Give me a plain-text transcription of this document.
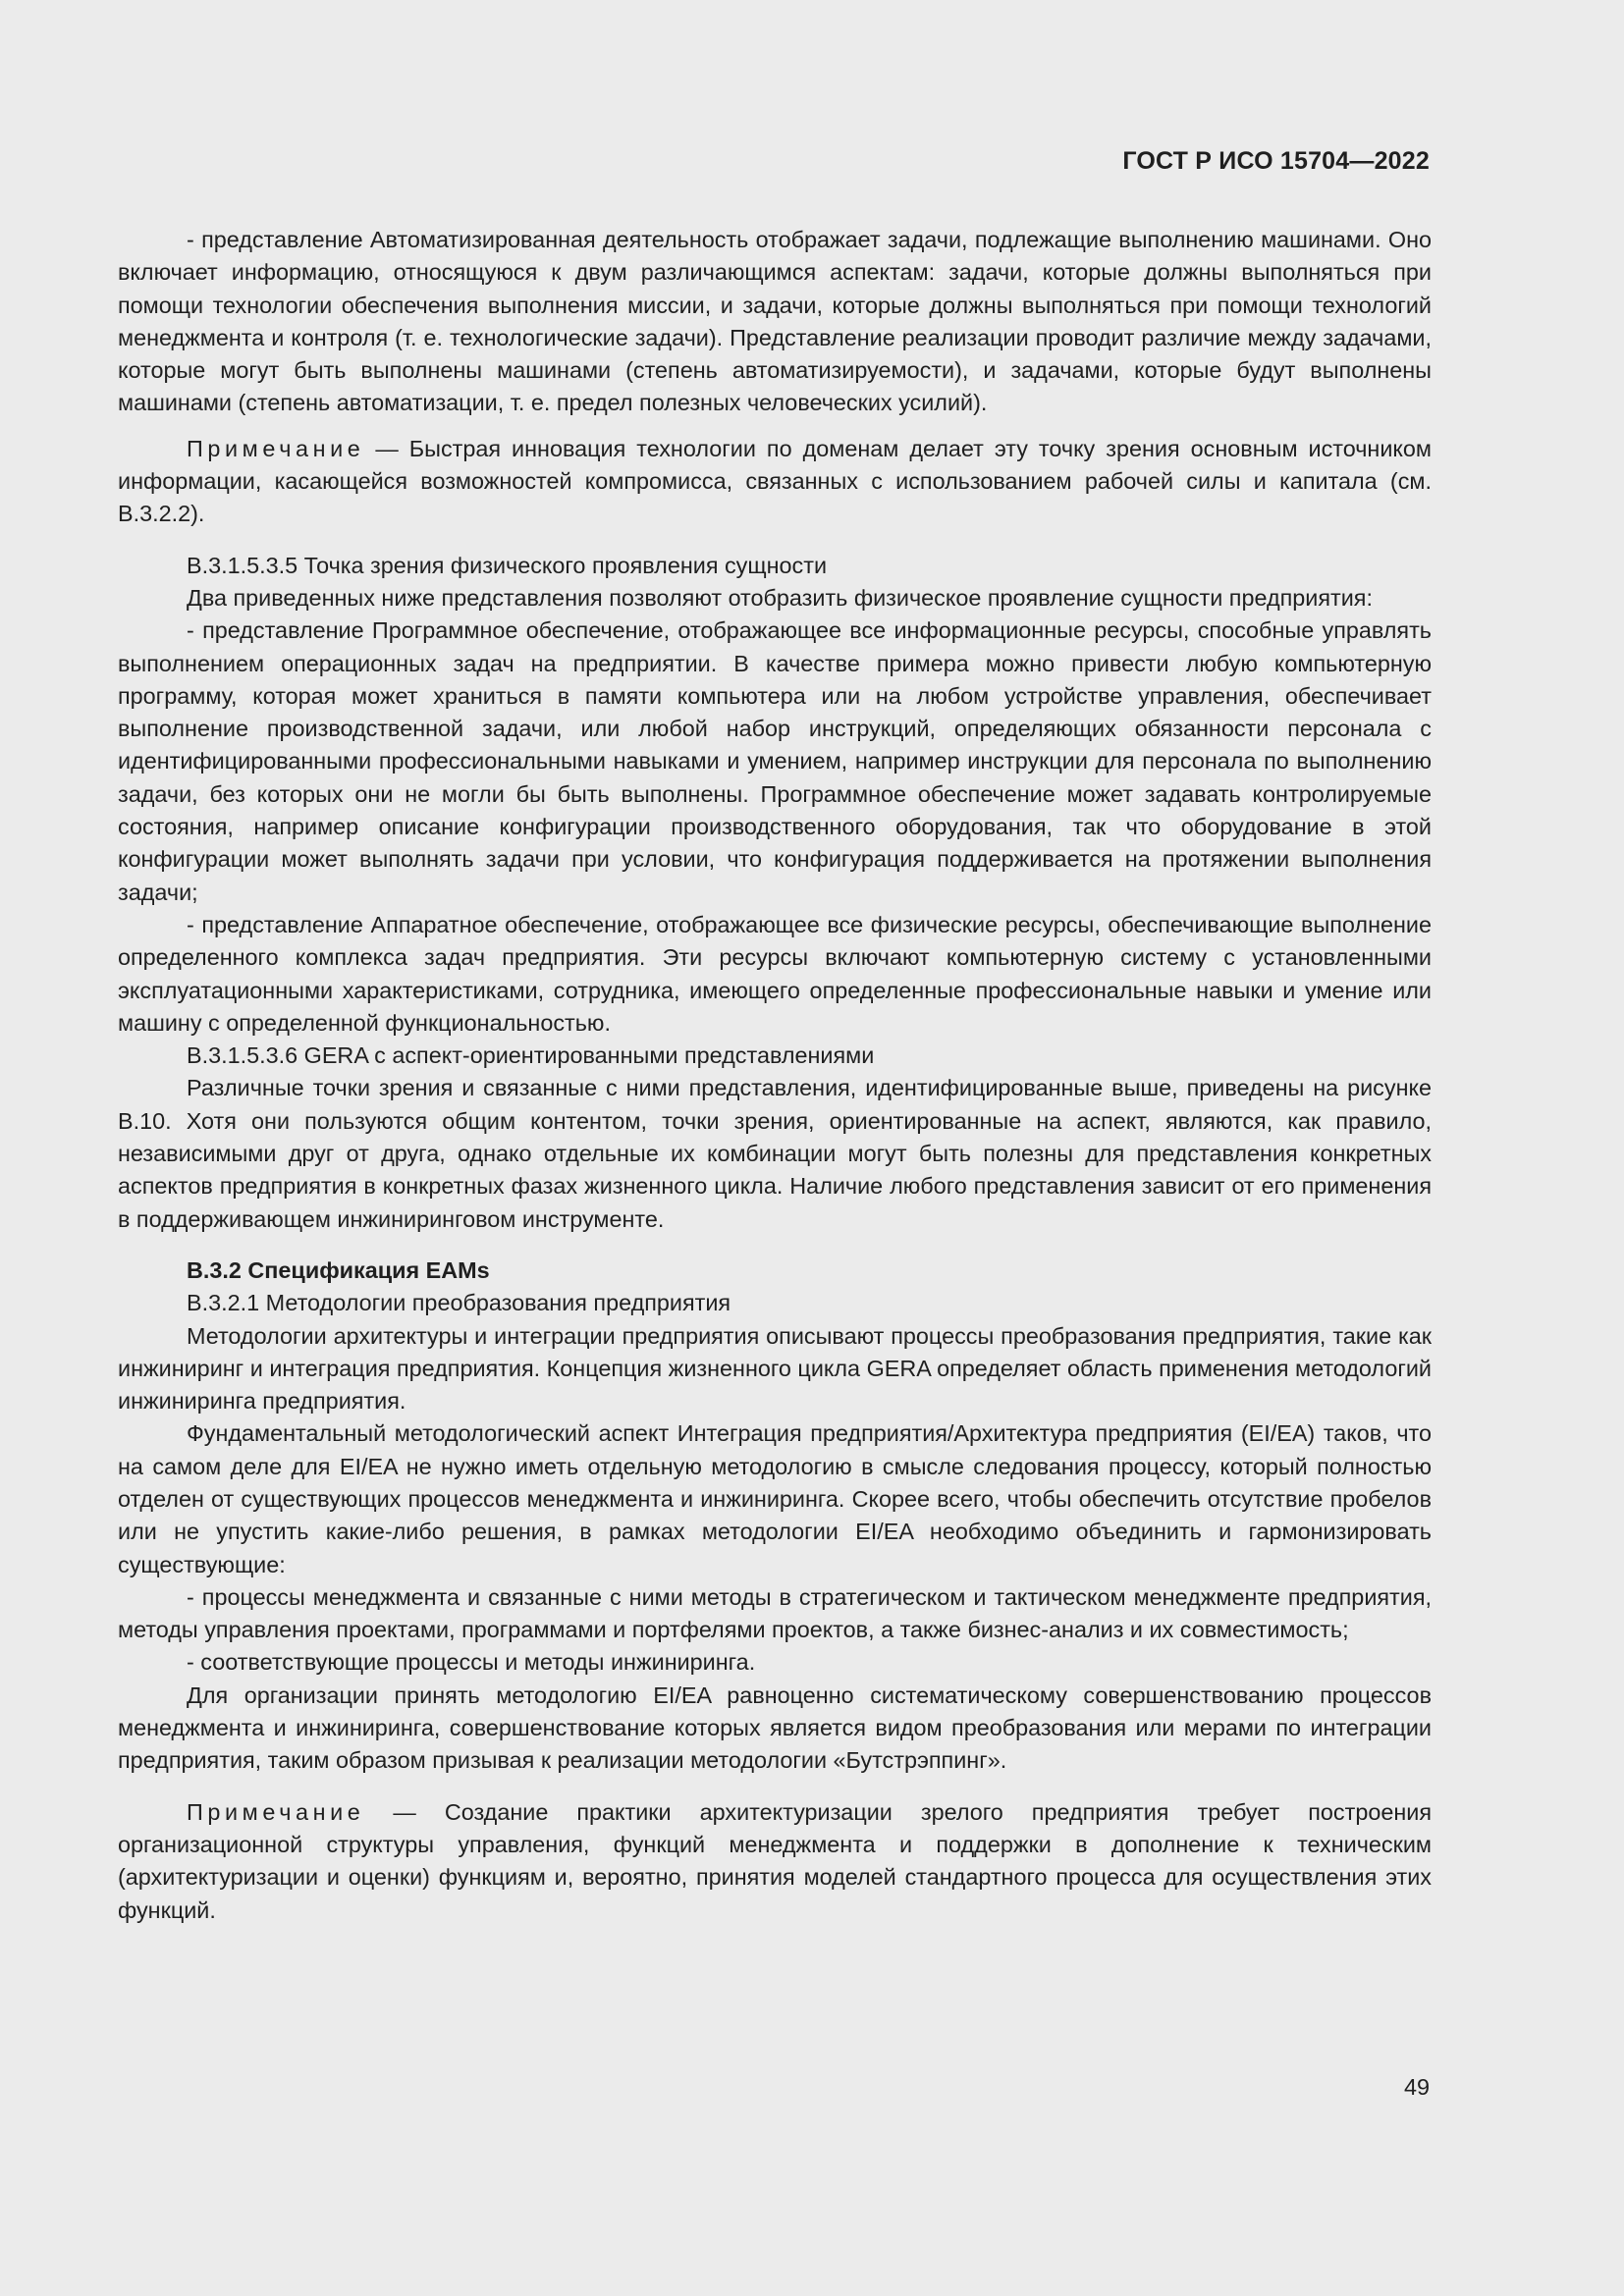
ГОСТ Р ИСО 15704—2022

- представление Автоматизированная деятельность отображает задачи, подлежащие выполнению машинами. Оно включает информацию, относящуюся к двум различающимся аспектам: задачи, которые должны выполняться при помощи технологии обеспечения выполнения миссии, и задачи, которые должны выполняться при помощи технологий менеджмента и контроля (т. е. технологические задачи). Представление реализации проводит различие между задачами, которые могут быть выполнены машинами (степень автоматизируемости), и задачами, которые будут выполнены машинами (степень автоматизации, т. е. предел полезных человеческих усилий).

Примечание — Быстрая инновация технологии по доменам делает эту точку зрения основным источником информации, касающейся возможностей компромисса, связанных с использованием рабочей силы и капитала (см. В.3.2.2).

В.3.1.5.3.5 Точка зрения физического проявления сущности

Два приведенных ниже представления позволяют отобразить физическое проявление сущности предприятия:

- представление Программное обеспечение, отображающее все информационные ресурсы, способные управлять выполнением операционных задач на предприятии. В качестве примера можно привести любую компьютерную программу, которая может храниться в памяти компьютера или на любом устройстве управления, обеспечивает выполнение производственной задачи, или любой набор инструкций, определяющих обязанности персонала с идентифицированными профессиональными навыками и умением, например инструкции для персонала по выполнению задачи, без которых они не могли бы быть выполнены. Программное обеспечение может задавать контролируемые состояния, например описание конфигурации производственного оборудования, так что оборудование в этой конфигурации может выполнять задачи при условии, что конфигурация поддерживается на протяжении выполнения задачи;

- представление Аппаратное обеспечение, отображающее все физические ресурсы, обеспечивающие выполнение определенного комплекса задач предприятия. Эти ресурсы включают компьютерную систему с установленными эксплуатационными характеристиками, сотрудника, имеющего определенные профессиональные навыки и умение или машину с определенной функциональностью.

В.3.1.5.3.6 GERA с аспект-ориентированными представлениями

Различные точки зрения и связанные с ними представления, идентифицированные выше, приведены на рисунке В.10. Хотя они пользуются общим контентом, точки зрения, ориентированные на аспект, являются, как правило, независимыми друг от друга, однако отдельные их комбинации могут быть полезны для представления конкретных аспектов предприятия в конкретных фазах жизненного цикла. Наличие любого представления зависит от его применения в поддерживающем инжиниринговом инструменте.

В.3.2 Спецификация EAMs

В.3.2.1 Методологии преобразования предприятия

Методологии архитектуры и интеграции предприятия описывают процессы преобразования предприятия, такие как инжиниринг и интеграция предприятия. Концепция жизненного цикла GERA определяет область применения методологий инжиниринга предприятия.

Фундаментальный методологический аспект Интеграция предприятия/Архитектура предприятия (EI/EA) таков, что на самом деле для EI/EA не нужно иметь отдельную методологию в смысле следования процессу, который полностью отделен от существующих процессов менеджмента и инжиниринга. Скорее всего, чтобы обеспечить отсутствие пробелов или не упустить какие-либо решения, в рамках методологии EI/EA необходимо объединить и гармонизировать существующие:

- процессы менеджмента и связанные с ними методы в стратегическом и тактическом менеджменте предприятия, методы управления проектами, программами и портфелями проектов, а также бизнес-анализ и их совместимость;

- соответствующие процессы и методы инжиниринга.

Для организации принять методологию EI/EA равноценно систематическому совершенствованию процессов менеджмента и инжиниринга, совершенствование которых является видом преобразования или мерами по интеграции предприятия, таким образом призывая к реализации методологии «Бутстрэппинг».

Примечание — Создание практики архитектуризации зрелого предприятия требует построения организационной структуры управления, функций менеджмента и поддержки в дополнение к техническим (архитектуризации и оценки) функциям и, вероятно, принятия моделей стандартного процесса для осуществления этих функций.

49
